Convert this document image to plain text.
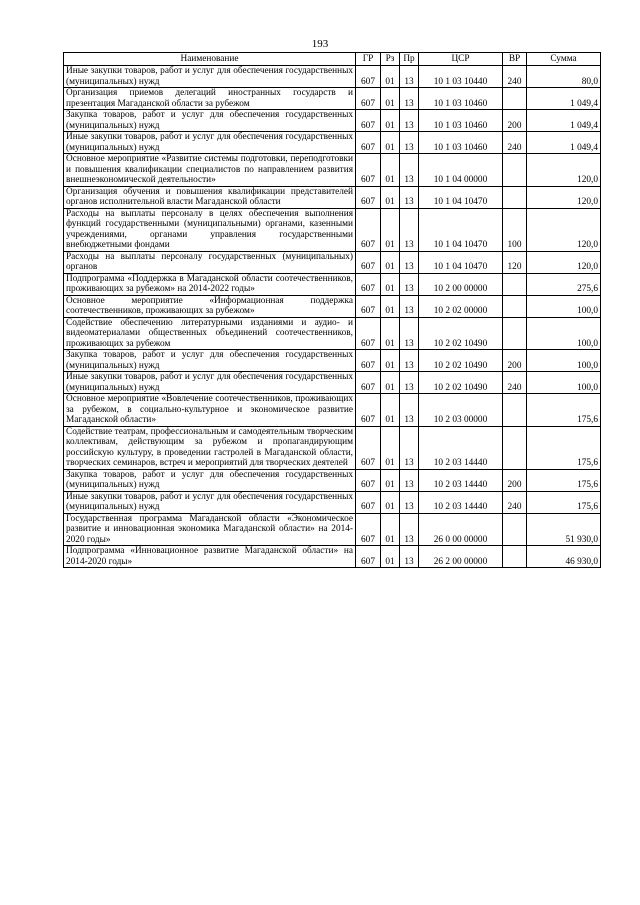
193
Наименование	ГР	Рз	Пр	ЦСР	ВР	Сумма
Иные закупки товаров, работ и услуг для обеспечения государственных (муниципальных) нужд	607	01	13	10 1 03 10440	240	80,0
Организация приемов делегаций иностранных государств и презентация Магаданской области за рубежом	607	01	13	10 1 03 10460		1 049,4
Закупка товаров, работ и услуг для обеспечения государственных (муниципальных) нужд	607	01	13	10 1 03 10460	200	1 049,4
Иные закупки товаров, работ и услуг для обеспечения государственных (муниципальных) нужд	607	01	13	10 1 03 10460	240	1 049,4
Основное мероприятие «Развитие системы подготовки, переподготовки и повышения квалификации специалистов по направлением развития внешнеэкономической деятельности»	607	01	13	10 1 04 00000		120,0
Организация обучения и повышения квалификации представителей органов исполнительной власти Магаданской области	607	01	13	10 1 04 10470		120,0
Расходы на выплаты персоналу в целях обеспечения выполнения функций государственными (муниципальными) органами, казенными учреждениями, органами управления государственными внебюджетными фондами	607	01	13	10 1 04 10470	100	120,0
Расходы на выплаты персоналу государственных (муниципальных) органов	607	01	13	10 1 04 10470	120	120,0
Подпрограмма «Поддержка в Магаданской области соотечественников, проживающих за рубежом» на 2014-2022 годы»	607	01	13	10 2 00 00000		275,6
Основное мероприятие «Информационная поддержка соотечественников, проживающих за рубежом»	607	01	13	10 2 02 00000		100,0
Содействие обеспечению литературными изданиями и аудио- и видеоматериалами общественных объединений соотечественников, проживающих за рубежом	607	01	13	10 2 02 10490		100,0
Закупка товаров, работ и услуг для обеспечения государственных (муниципальных) нужд	607	01	13	10 2 02 10490	200	100,0
Иные закупки товаров, работ и услуг для обеспечения государственных (муниципальных) нужд	607	01	13	10 2 02 10490	240	100,0
Основное мероприятие «Вовлечение соотечественников, проживающих за рубежом, в социально-культурное и экономическое развитие Магаданской области»	607	01	13	10 2 03 00000		175,6
Содействие театрам, профессиональным и самодеятельным творческим коллективам, действующим за рубежом и пропагандирующим российскую культуру, в проведении гастролей в Магаданской области, творческих семинаров, встреч и мероприятий для творческих деятелей	607	01	13	10 2 03 14440		175,6
Закупка товаров, работ и услуг для обеспечения государственных (муниципальных) нужд	607	01	13	10 2 03 14440	200	175,6
Иные закупки товаров, работ и услуг для обеспечения государственных (муниципальных) нужд	607	01	13	10 2 03 14440	240	175,6
Государственная программа Магаданской области «Экономическое развитие и инновационная экономика Магаданской области» на 2014-2020 годы»	607	01	13	26 0 00 00000		51 930,0
Подпрограмма «Инновационное развитие Магаданской области» на 2014-2020 годы»	607	01	13	26 2 00 00000		46 930,0
